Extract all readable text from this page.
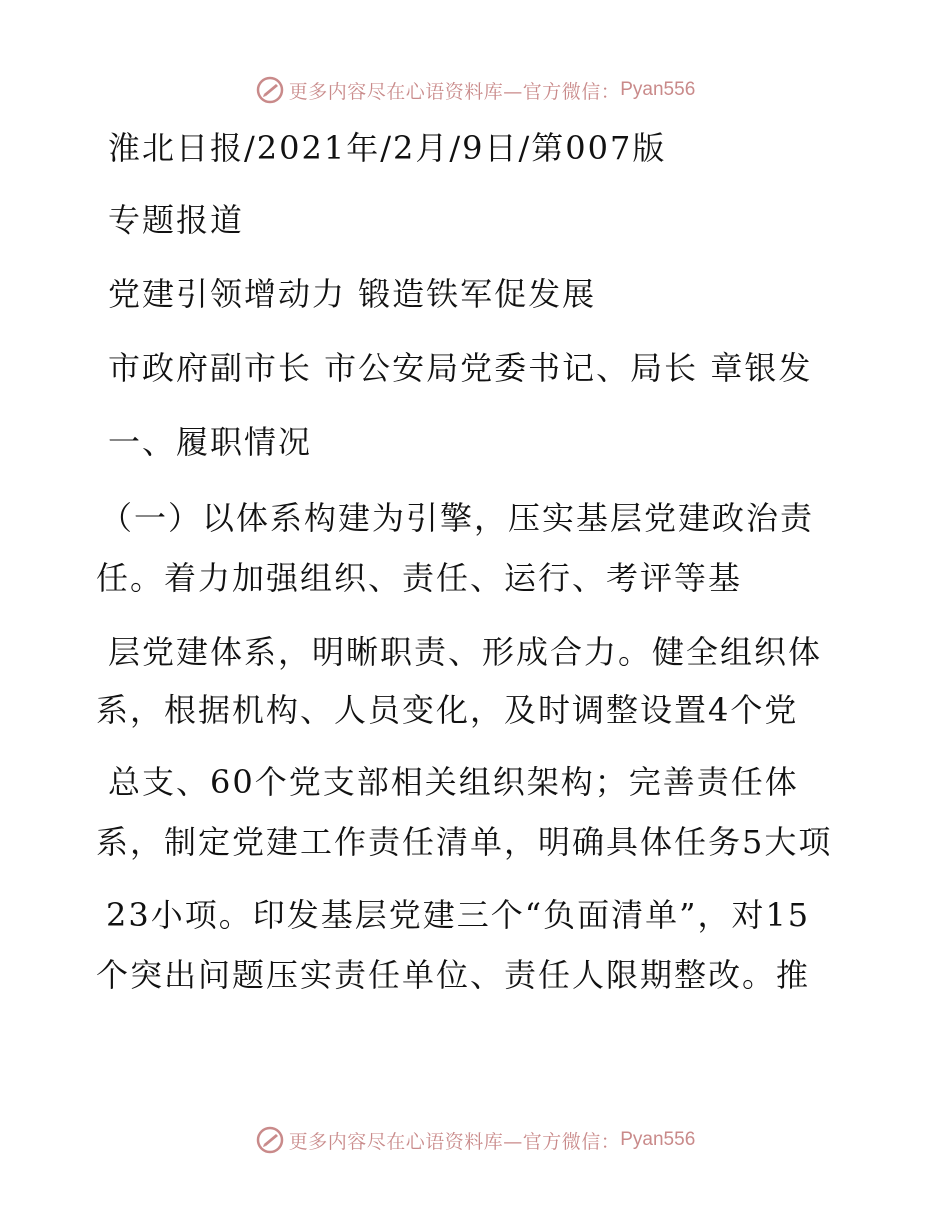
更多内容尽在心语资料库—官方微信： Pyan556
淮北日报/2021年/2月/9日/第007版
专题报道
党建引领增动力 锻造铁军促发展
市政府副市长 市公安局党委书记、局长 章银发
一、履职情况
（一）以体系构建为引擎，压实基层党建政治责
任。着力加强组织、责任、运行、考评等基
层党建体系，明晰职责、形成合力。健全组织体
系，根据机构、人员变化，及时调整设置4个党
总支、60个党支部相关组织架构；完善责任体
系，制定党建工作责任清单，明确具体任务5大项
23小项。印发基层党建三个“负面清单”，对15
个突出问题压实责任单位、责任人限期整改。推
更多内容尽在心语资料库—官方微信： Pyan556
